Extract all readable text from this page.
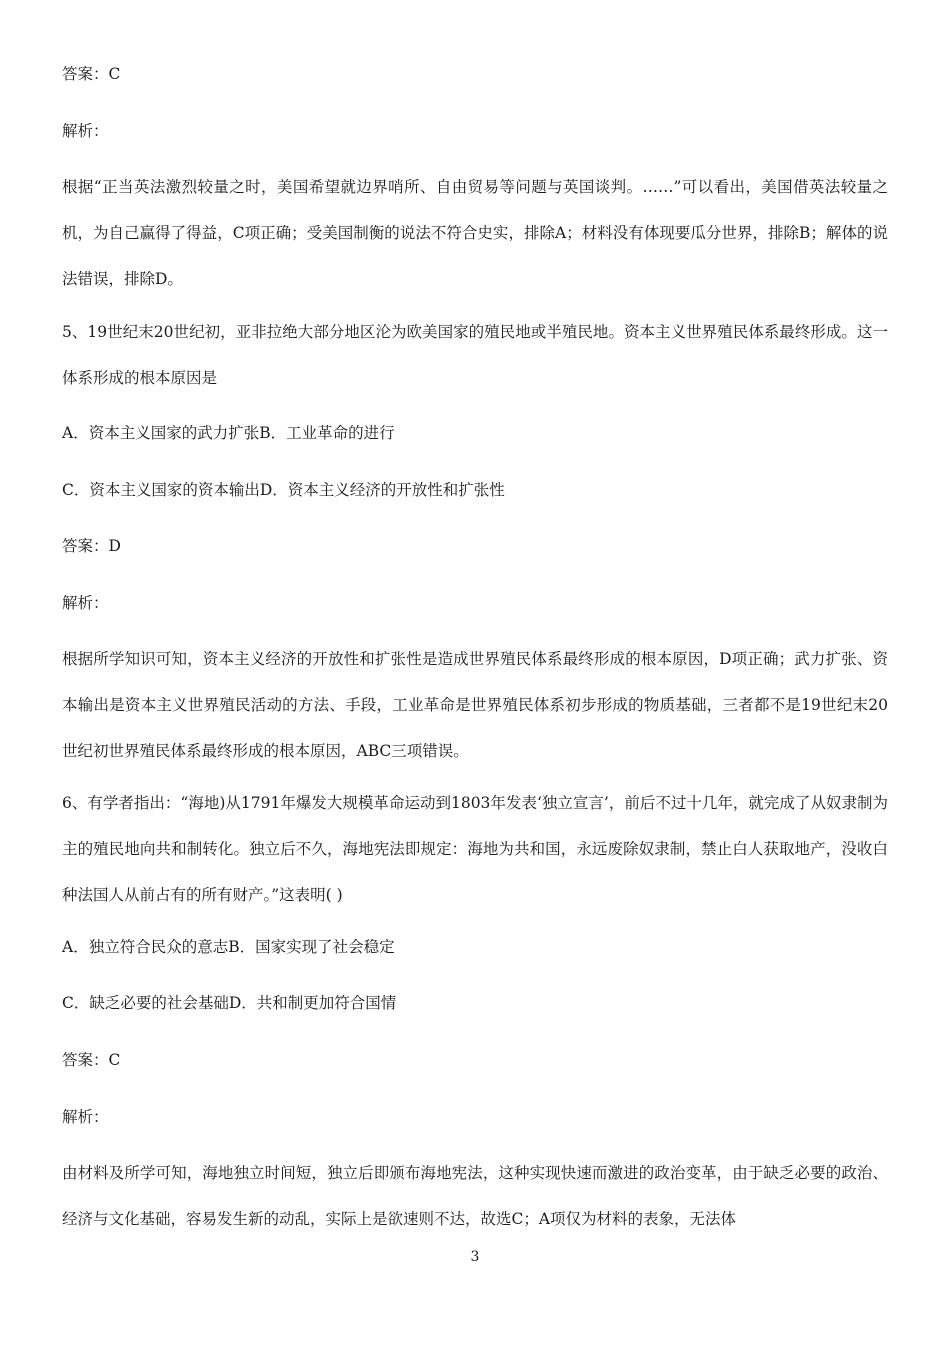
答案：C
解析：
根据“正当英法激烈较量之时，美国希望就边界哨所、自由贸易等问题与英国谈判。……”可以看出，美国借英法较量之机，为自己赢得了得益，C项正确；受美国制衡的说法不符合史实，排除A；材料没有体现要瓜分世界，排除B；解体的说法错误，排除D。
5、19世纪末20世纪初，亚非拉绝大部分地区沦为欧美国家的殖民地或半殖民地。资本主义世界殖民体系最终形成。这一体系形成的根本原因是
A．资本主义国家的武力扩张B．工业革命的进行
C．资本主义国家的资本输出D．资本主义经济的开放性和扩张性
答案：D
解析：
根据所学知识可知，资本主义经济的开放性和扩张性是造成世界殖民体系最终形成的根本原因，D项正确；武力扩张、资本输出是资本主义世界殖民活动的方法、手段，工业革命是世界殖民体系初步形成的物质基础，三者都不是19世纪末20世纪初世界殖民体系最终形成的根本原因，ABC三项错误。
6、有学者指出：“海地)从1791年爆发大规模革命运动到1803年发表‘独立宣言’，前后不过十几年，就完成了从奴隶制为主的殖民地向共和制转化。独立后不久，海地宪法即规定：海地为共和国，永远废除奴隶制，禁止白人获取地产，没收白种法国人从前占有的所有财产。”这表明( )
A．独立符合民众的意志B．国家实现了社会稳定
C．缺乏必要的社会基础D．共和制更加符合国情
答案：C
解析：
由材料及所学可知，海地独立时间短，独立后即颁布海地宪法，这种实现快速而激进的政治变革，由于缺乏必要的政治、经济与文化基础，容易发生新的动乱，实际上是欲速则不达，故选C；A项仅为材料的表象，无法体
3
